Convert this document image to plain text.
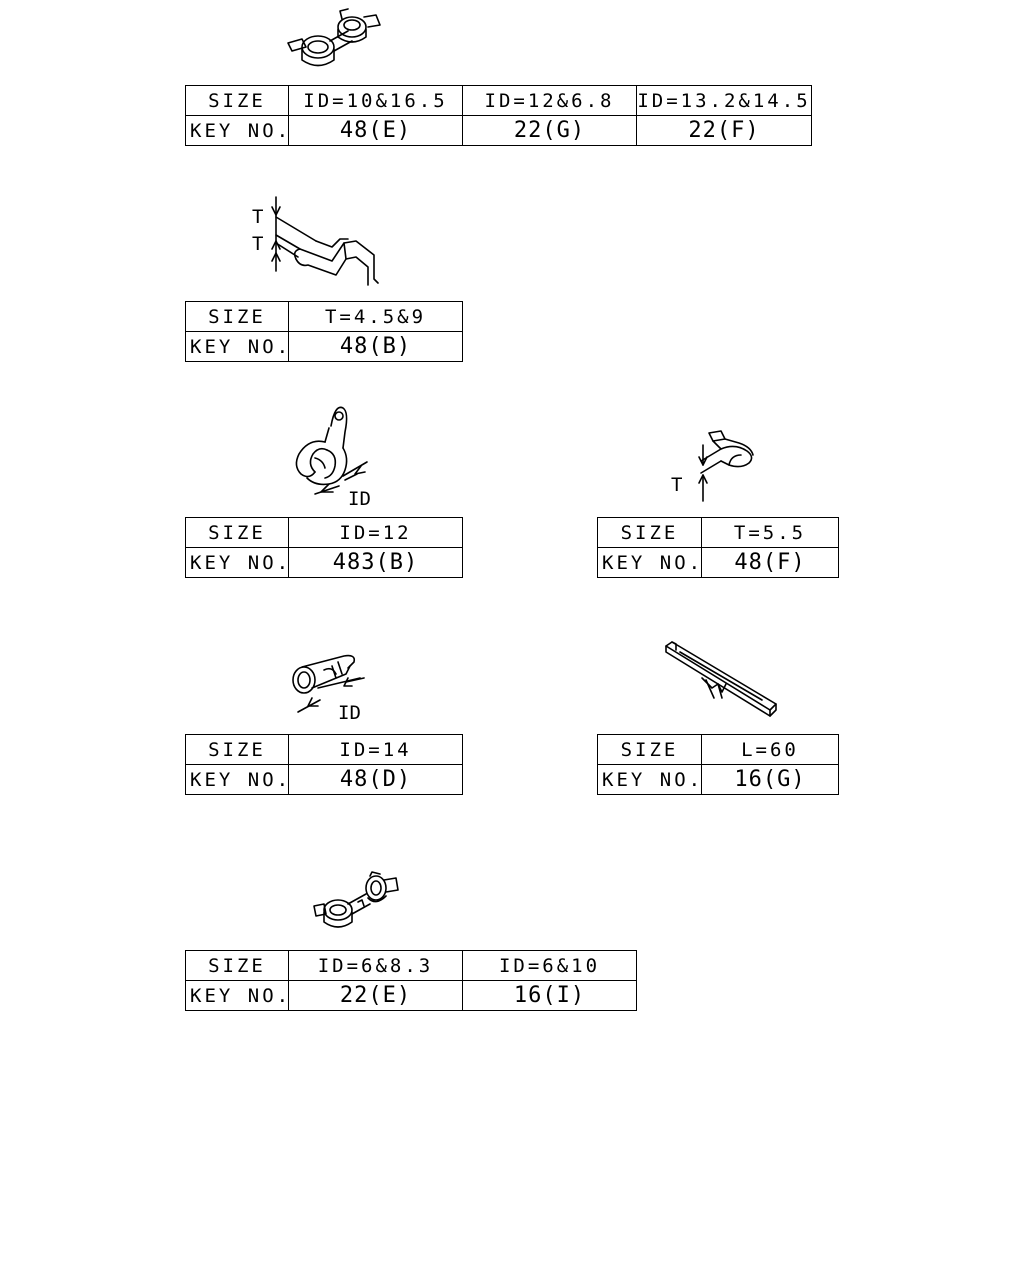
SIZE	ID=10&16.5	ID=12&6.8	ID=13.2&14.5
KEY NO.	48(E)	22(G)	22(F)
T
T
SIZE	T=4.5&9
KEY NO.	48(B)
ID
SIZE	ID=12
KEY NO.	483(B)
T
SIZE	T=5.5
KEY NO.	48(F)
ID
SIZE	ID=14
KEY NO.	48(D)
SIZE	L=60
KEY NO.	16(G)
SIZE	ID=6&8.3	ID=6&10
KEY NO.	22(E)	16(I)
